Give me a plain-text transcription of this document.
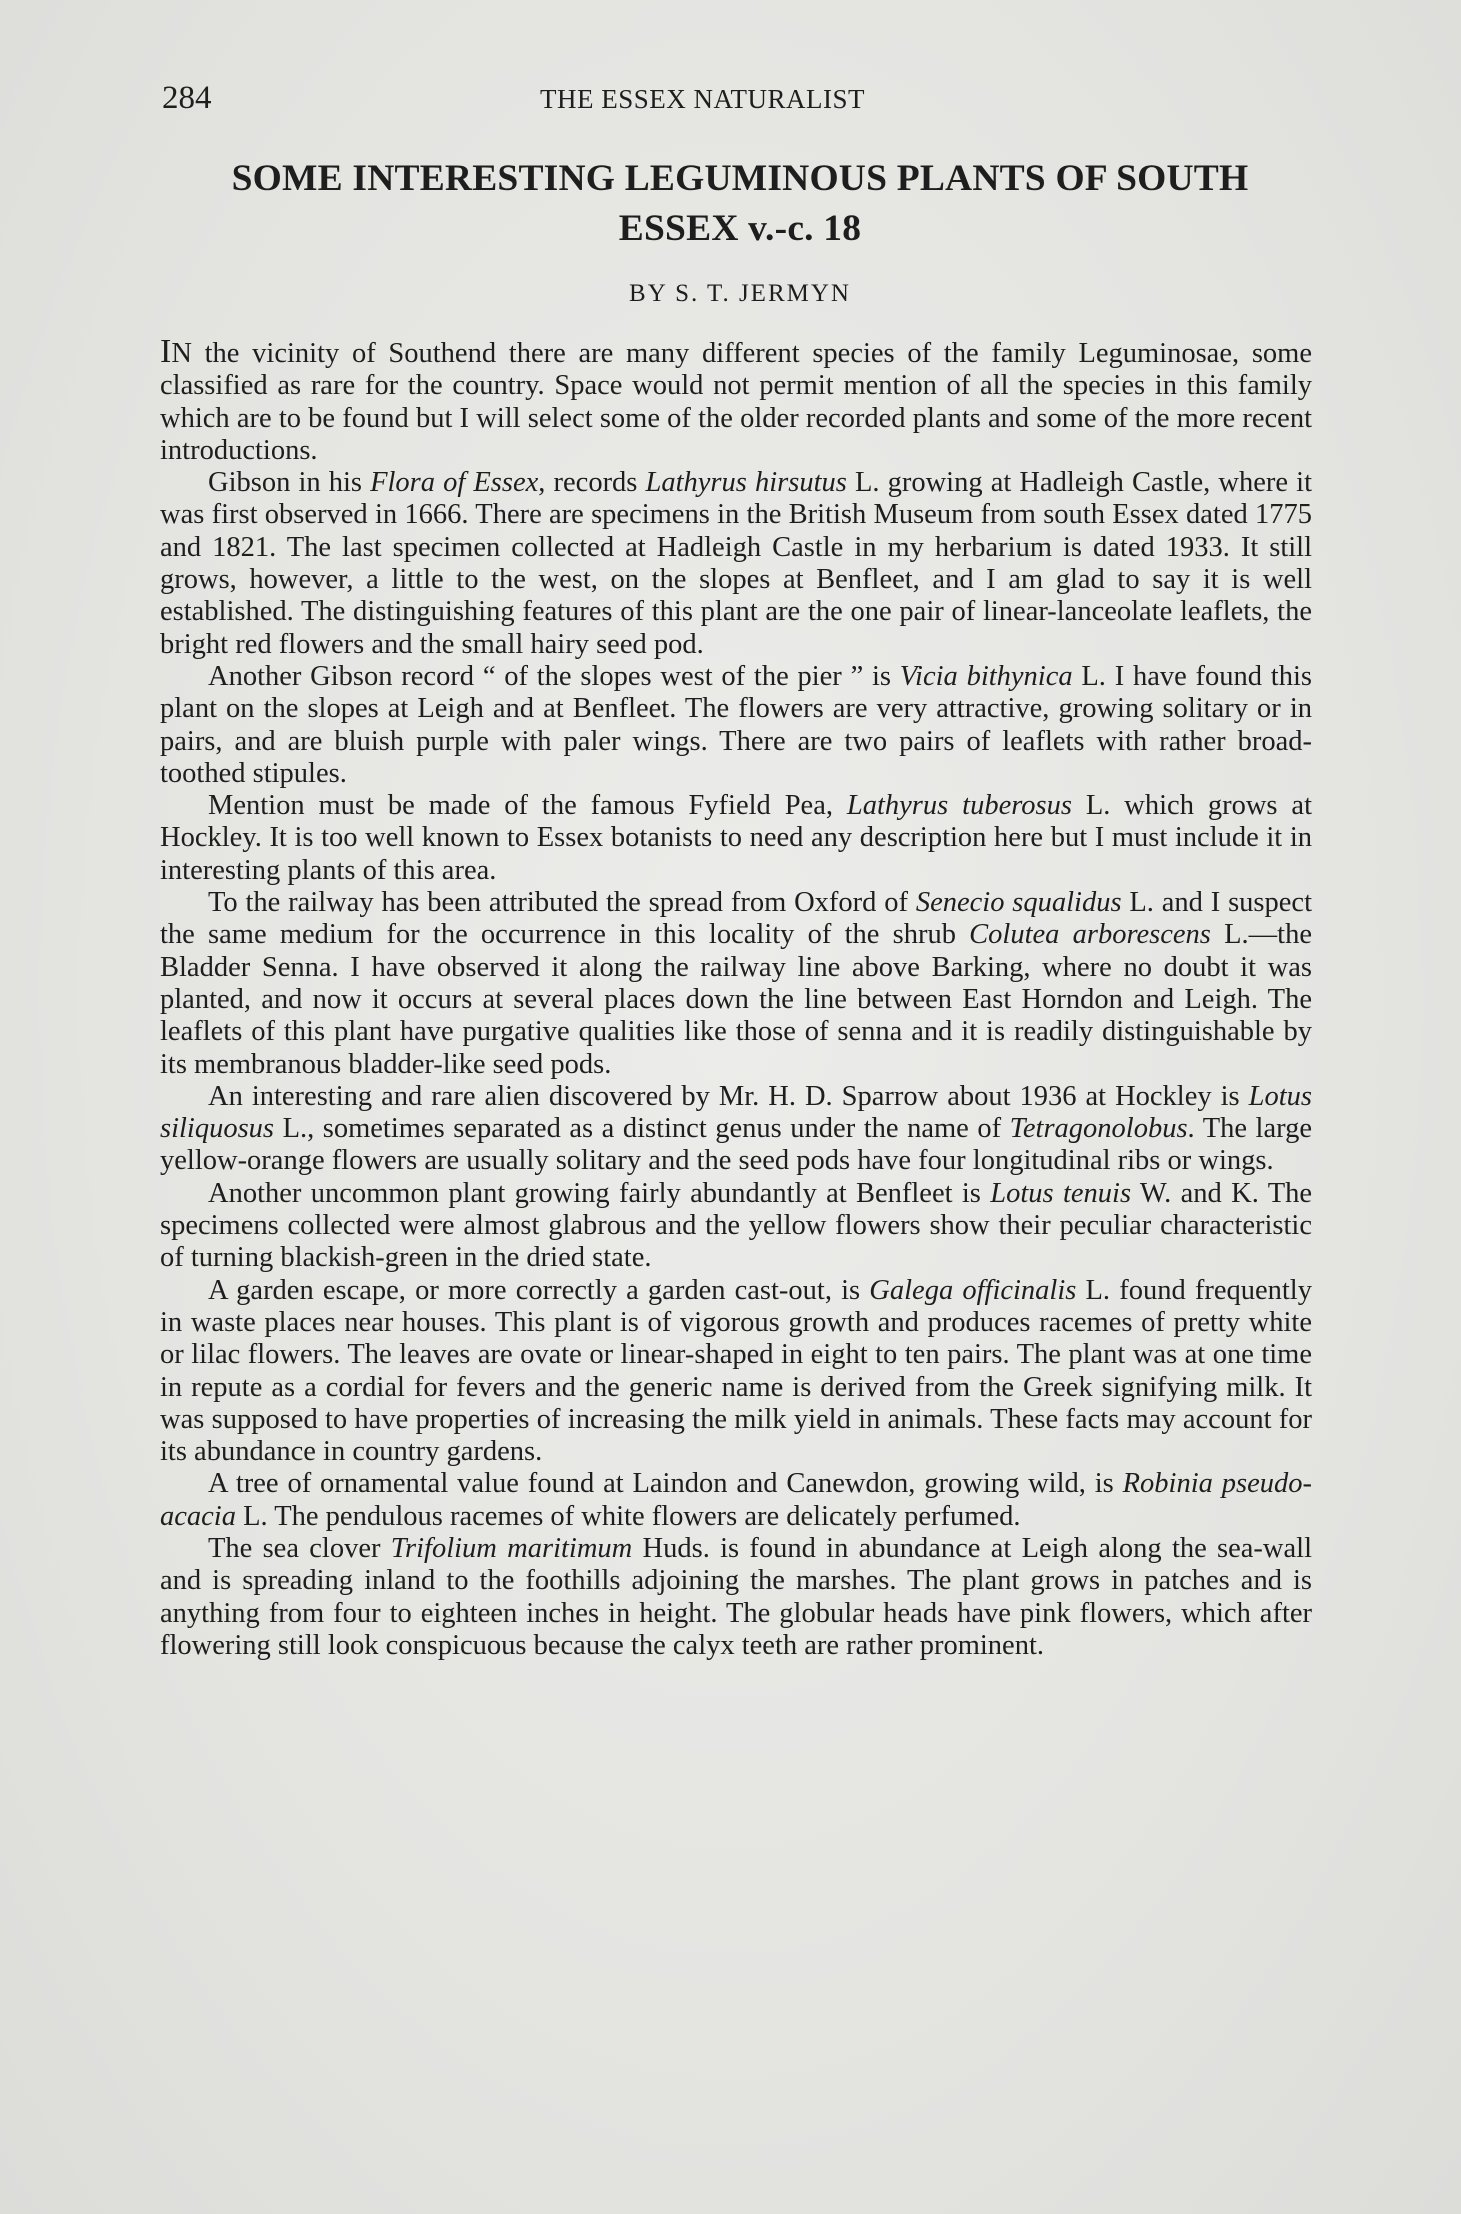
284	THE ESSEX NATURALIST
SOME INTERESTING LEGUMINOUS PLANTS OF SOUTH
ESSEX v.-c. 18
BY S. T. JERMYN

IN the vicinity of Southend there are many different species of the family Leguminosae, some classified as rare for the country. Space would not permit mention of all the species in this family which are to be found but I will select some of the older recorded plants and some of the more recent introductions.

Gibson in his Flora of Essex, records Lathyrus hirsutus L. growing at Hadleigh Castle, where it was first observed in 1666. There are specimens in the British Museum from south Essex dated 1775 and 1821. The last specimen collected at Hadleigh Castle in my herbarium is dated 1933. It still grows, however, a little to the west, on the slopes at Benfleet, and I am glad to say it is well established. The distinguishing features of this plant are the one pair of linear-lanceolate leaflets, the bright red flowers and the small hairy seed pod.

Another Gibson record “ of the slopes west of the pier ” is Vicia bithynica L. I have found this plant on the slopes at Leigh and at Benfleet. The flowers are very attractive, growing solitary or in pairs, and are bluish purple with paler wings. There are two pairs of leaflets with rather broad-toothed stipules.

Mention must be made of the famous Fyfield Pea, Lathyrus tuberosus L. which grows at Hockley. It is too well known to Essex botanists to need any description here but I must include it in interesting plants of this area.

To the railway has been attributed the spread from Oxford of Senecio squalidus L. and I suspect the same medium for the occurrence in this locality of the shrub Colutea arborescens L.—the Bladder Senna. I have observed it along the railway line above Barking, where no doubt it was planted, and now it occurs at several places down the line between East Horndon and Leigh. The leaflets of this plant have purgative qualities like those of senna and it is readily distinguishable by its membranous bladder-like seed pods.

An interesting and rare alien discovered by Mr. H. D. Sparrow about 1936 at Hockley is Lotus siliquosus L., sometimes separated as a distinct genus under the name of Tetragonolobus. The large yellow-orange flowers are usually solitary and the seed pods have four longitudinal ribs or wings.

Another uncommon plant growing fairly abundantly at Benfleet is Lotus tenuis W. and K. The specimens collected were almost glabrous and the yellow flowers show their peculiar characteristic of turning blackish-green in the dried state.

A garden escape, or more correctly a garden cast-out, is Galega officinalis L. found frequently in waste places near houses. This plant is of vigorous growth and produces racemes of pretty white or lilac flowers. The leaves are ovate or linear-shaped in eight to ten pairs. The plant was at one time in repute as a cordial for fevers and the generic name is derived from the Greek signifying milk. It was supposed to have properties of increasing the milk yield in animals. These facts may account for its abundance in country gardens.

A tree of ornamental value found at Laindon and Canewdon, growing wild, is Robinia pseudo-acacia L. The pendulous racemes of white flowers are delicately perfumed.

The sea clover Trifolium maritimum Huds. is found in abundance at Leigh along the sea-wall and is spreading inland to the foothills adjoining the marshes. The plant grows in patches and is anything from four to eighteen inches in height. The globular heads have pink flowers, which after flowering still look conspicuous because the calyx teeth are rather prominent.
